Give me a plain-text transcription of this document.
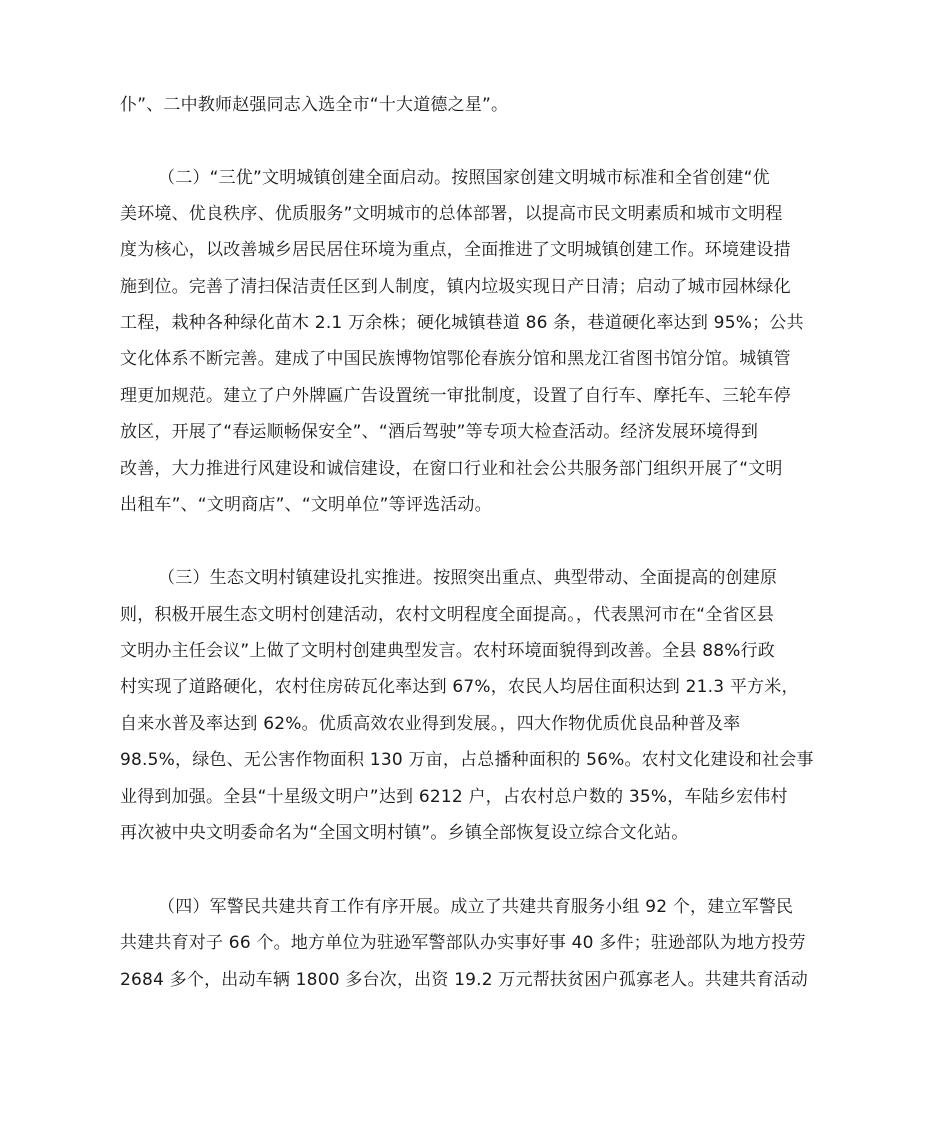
仆”、二中教师赵强同志入选全市“十大道德之星”。
（二）“三优”文明城镇创建全面启动。按照国家创建文明城市标准和全省创建“优
美环境、优良秩序、优质服务”文明城市的总体部署，以提高市民文明素质和城市文明程
度为核心，以改善城乡居民居住环境为重点，全面推进了文明城镇创建工作。环境建设措
施到位。完善了清扫保洁责任区到人制度，镇内垃圾实现日产日清；启动了城市园林绿化
工程，栽种各种绿化苗木 2.1 万余株；硬化城镇巷道 86 条，巷道硬化率达到 95%；公共
文化体系不断完善。建成了中国民族博物馆鄂伦春族分馆和黑龙江省图书馆分馆。城镇管
理更加规范。建立了户外牌匾广告设置统一审批制度，设置了自行车、摩托车、三轮车停
放区，开展了“春运顺畅保安全”、“酒后驾驶”等专项大检查活动。经济发展环境得到
改善，大力推进行风建设和诚信建设，在窗口行业和社会公共服务部门组织开展了“文明
出租车”、“文明商店”、“文明单位”等评选活动。
（三）生态文明村镇建设扎实推进。按照突出重点、典型带动、全面提高的创建原
则，积极开展生态文明村创建活动，农村文明程度全面提高。，代表黑河市在“全省区县
文明办主任会议”上做了文明村创建典型发言。农村环境面貌得到改善。全县 88%行政
村实现了道路硬化，农村住房砖瓦化率达到 67%，农民人均居住面积达到 21.3 平方米，
自来水普及率达到 62%。优质高效农业得到发展。，四大作物优质优良品种普及率
98.5%，绿色、无公害作物面积 130 万亩，占总播种面积的 56%。农村文化建设和社会事
业得到加强。全县“十星级文明户”达到 6212 户，占农村总户数的 35%，车陆乡宏伟村
再次被中央文明委命名为“全国文明村镇”。乡镇全部恢复设立综合文化站。
（四）军警民共建共育工作有序开展。成立了共建共育服务小组 92 个，建立军警民
共建共育对子 66 个。地方单位为驻逊军警部队办实事好事 40 多件；驻逊部队为地方投劳
2684 多个，出动车辆 1800 多台次，出资 19.2 万元帮扶贫困户孤寡老人。共建共育活动
